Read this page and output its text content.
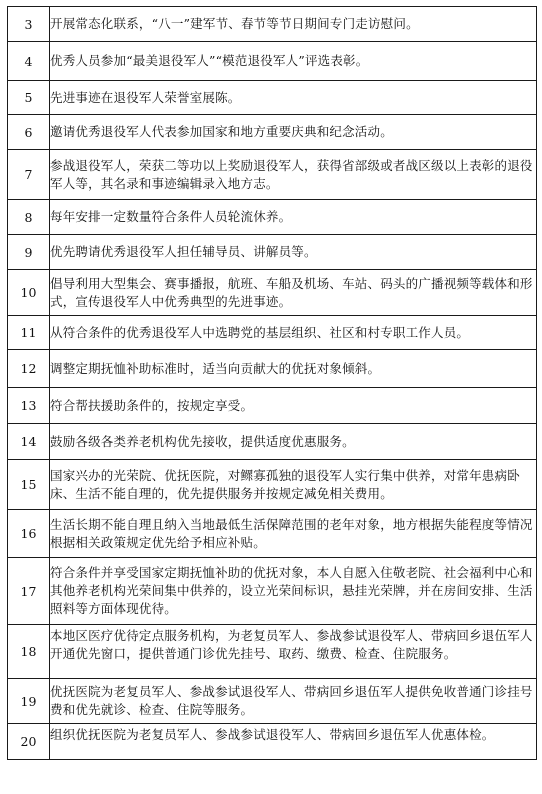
3	开展常态化联系，“八一”建军节、春节等节日期间专门走访慰问。
4	优秀人员参加“最美退役军人”“模范退役军人”评选表彰。
5	先进事迹在退役军人荣誉室展陈。
6	邀请优秀退役军人代表参加国家和地方重要庆典和纪念活动。
7	参战退役军人，荣获二等功以上奖励退役军人，获得省部级或者战区级以上表彰的退役军人等，其名录和事迹编辑录入地方志。
8	每年安排一定数量符合条件人员轮流休养。
9	优先聘请优秀退役军人担任辅导员、讲解员等。
10	倡导利用大型集会、赛事播报，航班、车船及机场、车站、码头的广播视频等载体和形式，宣传退役军人中优秀典型的先进事迹。
11	从符合条件的优秀退役军人中选聘党的基层组织、社区和村专职工作人员。
12	调整定期抚恤补助标准时，适当向贡献大的优抚对象倾斜。
13	符合帮扶援助条件的，按规定享受。
14	鼓励各级各类养老机构优先接收，提供适度优惠服务。
15	国家兴办的光荣院、优抚医院，对鳏寡孤独的退役军人实行集中供养，对常年患病卧床、生活不能自理的，优先提供服务并按规定减免相关费用。
16	生活长期不能自理且纳入当地最低生活保障范围的老年对象，地方根据失能程度等情况根据相关政策规定优先给予相应补贴。
17	符合条件并享受国家定期抚恤补助的优抚对象，本人自愿入住敬老院、社会福利中心和其他养老机构光荣间集中供养的，设立光荣间标识，悬挂光荣牌，并在房间安排、生活照料等方面体现优待。
18	本地区医疗优待定点服务机构，为老复员军人、参战参试退役军人、带病回乡退伍军人开通优先窗口，提供普通门诊优先挂号、取药、缴费、检查、住院服务。
19	优抚医院为老复员军人、参战参试退役军人、带病回乡退伍军人提供免收普通门诊挂号费和优先就诊、检查、住院等服务。
20	组织优抚医院为老复员军人、参战参试退役军人、带病回乡退伍军人优惠体检。
